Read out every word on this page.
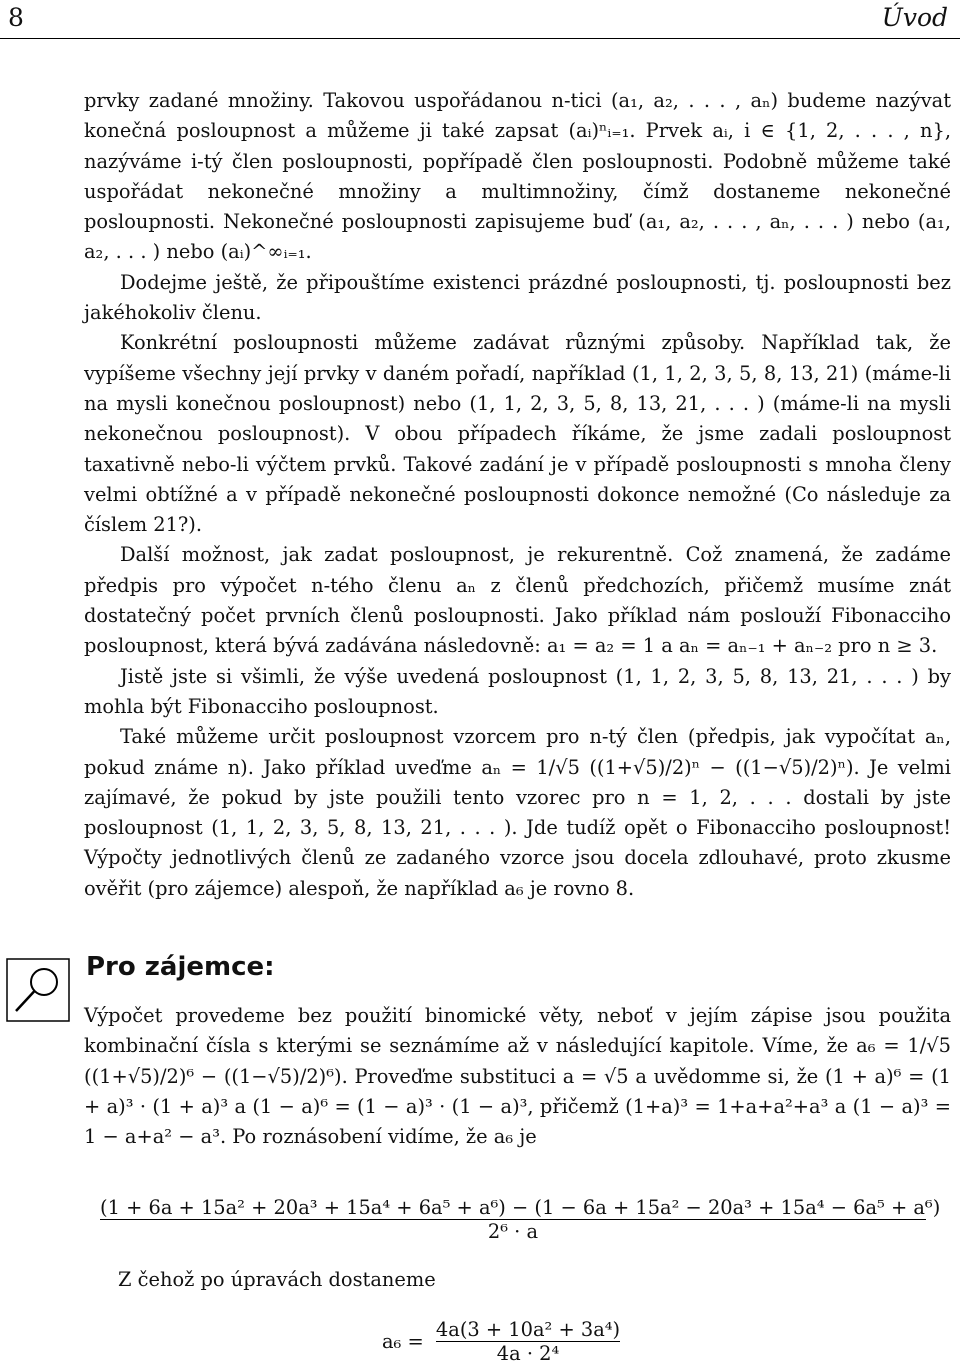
8	Úvod

prvky zadané množiny. Takovou uspořádanou n-tici (a₁, a₂, . . . , aₙ) budeme nazývat konečná posloupnost a můžeme ji také zapsat (aᵢ)ⁿᵢ₌₁. Prvek aᵢ, i ∈ {1, 2, . . . , n}, nazýváme i-tý člen posloupnosti, popřípadě člen posloupnosti. Podobně můžeme také uspořádat nekonečné množiny a multimnožiny, čímž dostaneme nekonečné posloupnosti. Nekonečné posloupnosti zapisujeme buď (a₁, a₂, . . . , aₙ, . . . ) nebo (a₁, a₂, . . . ) nebo (aᵢ)^∞ᵢ₌₁.

Dodejme ještě, že připouštíme existenci prázdné posloupnosti, tj. posloupnosti bez jakéhokoliv členu.

Konkrétní posloupnosti můžeme zadávat různými způsoby. Například tak, že vypíšeme všechny její prvky v daném pořadí, například (1, 1, 2, 3, 5, 8, 13, 21) (máme-li na mysli konečnou posloupnost) nebo (1, 1, 2, 3, 5, 8, 13, 21, . . . ) (máme-li na mysli nekonečnou posloupnost). V obou případech říkáme, že jsme zadali posloupnost taxativně nebo-li výčtem prvků. Takové zadání je v případě posloupnosti s mnoha členy velmi obtížné a v případě nekonečné posloupnosti dokonce nemožné (Co následuje za číslem 21?).

Další možnost, jak zadat posloupnost, je rekurentně. Což znamená, že zadáme předpis pro výpočet n-tého členu aₙ z členů předchozích, přičemž musíme znát dostatečný počet prvních členů posloupnosti. Jako příklad nám poslouží Fibonacciho posloupnost, která bývá zadávána následovně: a₁ = a₂ = 1 a aₙ = aₙ₋₁ + aₙ₋₂ pro n ≥ 3.

Jistě jste si všimli, že výše uvedená posloupnost (1, 1, 2, 3, 5, 8, 13, 21, . . . ) by mohla být Fibonacciho posloupnost.

Také můžeme určit posloupnost vzorcem pro n-tý člen (předpis, jak vypočítat aₙ, pokud známe n). Jako příklad uveďme aₙ = 1/√5 ((1+√5)/2)ⁿ − ((1−√5)/2)ⁿ). Je velmi zajímavé, že pokud by jste použili tento vzorec pro n = 1, 2, . . . dostali by jste posloupnost (1, 1, 2, 3, 5, 8, 13, 21, . . . ). Jde tudíž opět o Fibonacciho posloupnost! Výpočty jednotlivých členů ze zadaného vzorce jsou docela zdlouhavé, proto zkusme ověřit (pro zájemce) alespoň, že například a₆ je rovno 8.

Pro zájemce:

Výpočet provedeme bez použití binomické věty, neboť v jejím zápise jsou použita kombinační čísla s kterými se seznámíme až v následující kapitole. Víme, že a₆ = 1/√5 ((1+√5)/2)⁶ − ((1−√5)/2)⁶). Proveďme substituci a = √5 a uvědomme si, že (1 + a)⁶ = (1 + a)³ · (1 + a)³ a (1 − a)⁶ = (1 − a)³ · (1 − a)³, přičemž (1+a)³ = 1+a+a²+a³ a (1 − a)³ = 1 − a+a² − a³. Po roznásobení vidíme, že a₆ je

(1 + 6a + 15a² + 20a³ + 15a⁴ + 6a⁵ + a⁶) − (1 − 6a + 15a² − 20a³ + 15a⁴ − 6a⁵ + a⁶)
2⁶ · a
Z čehož po úpravách dostaneme
$a_6 = \frac{\text{4a(3 + 10a² + 3a⁴)}}{\text{4a · 2⁴}}$
